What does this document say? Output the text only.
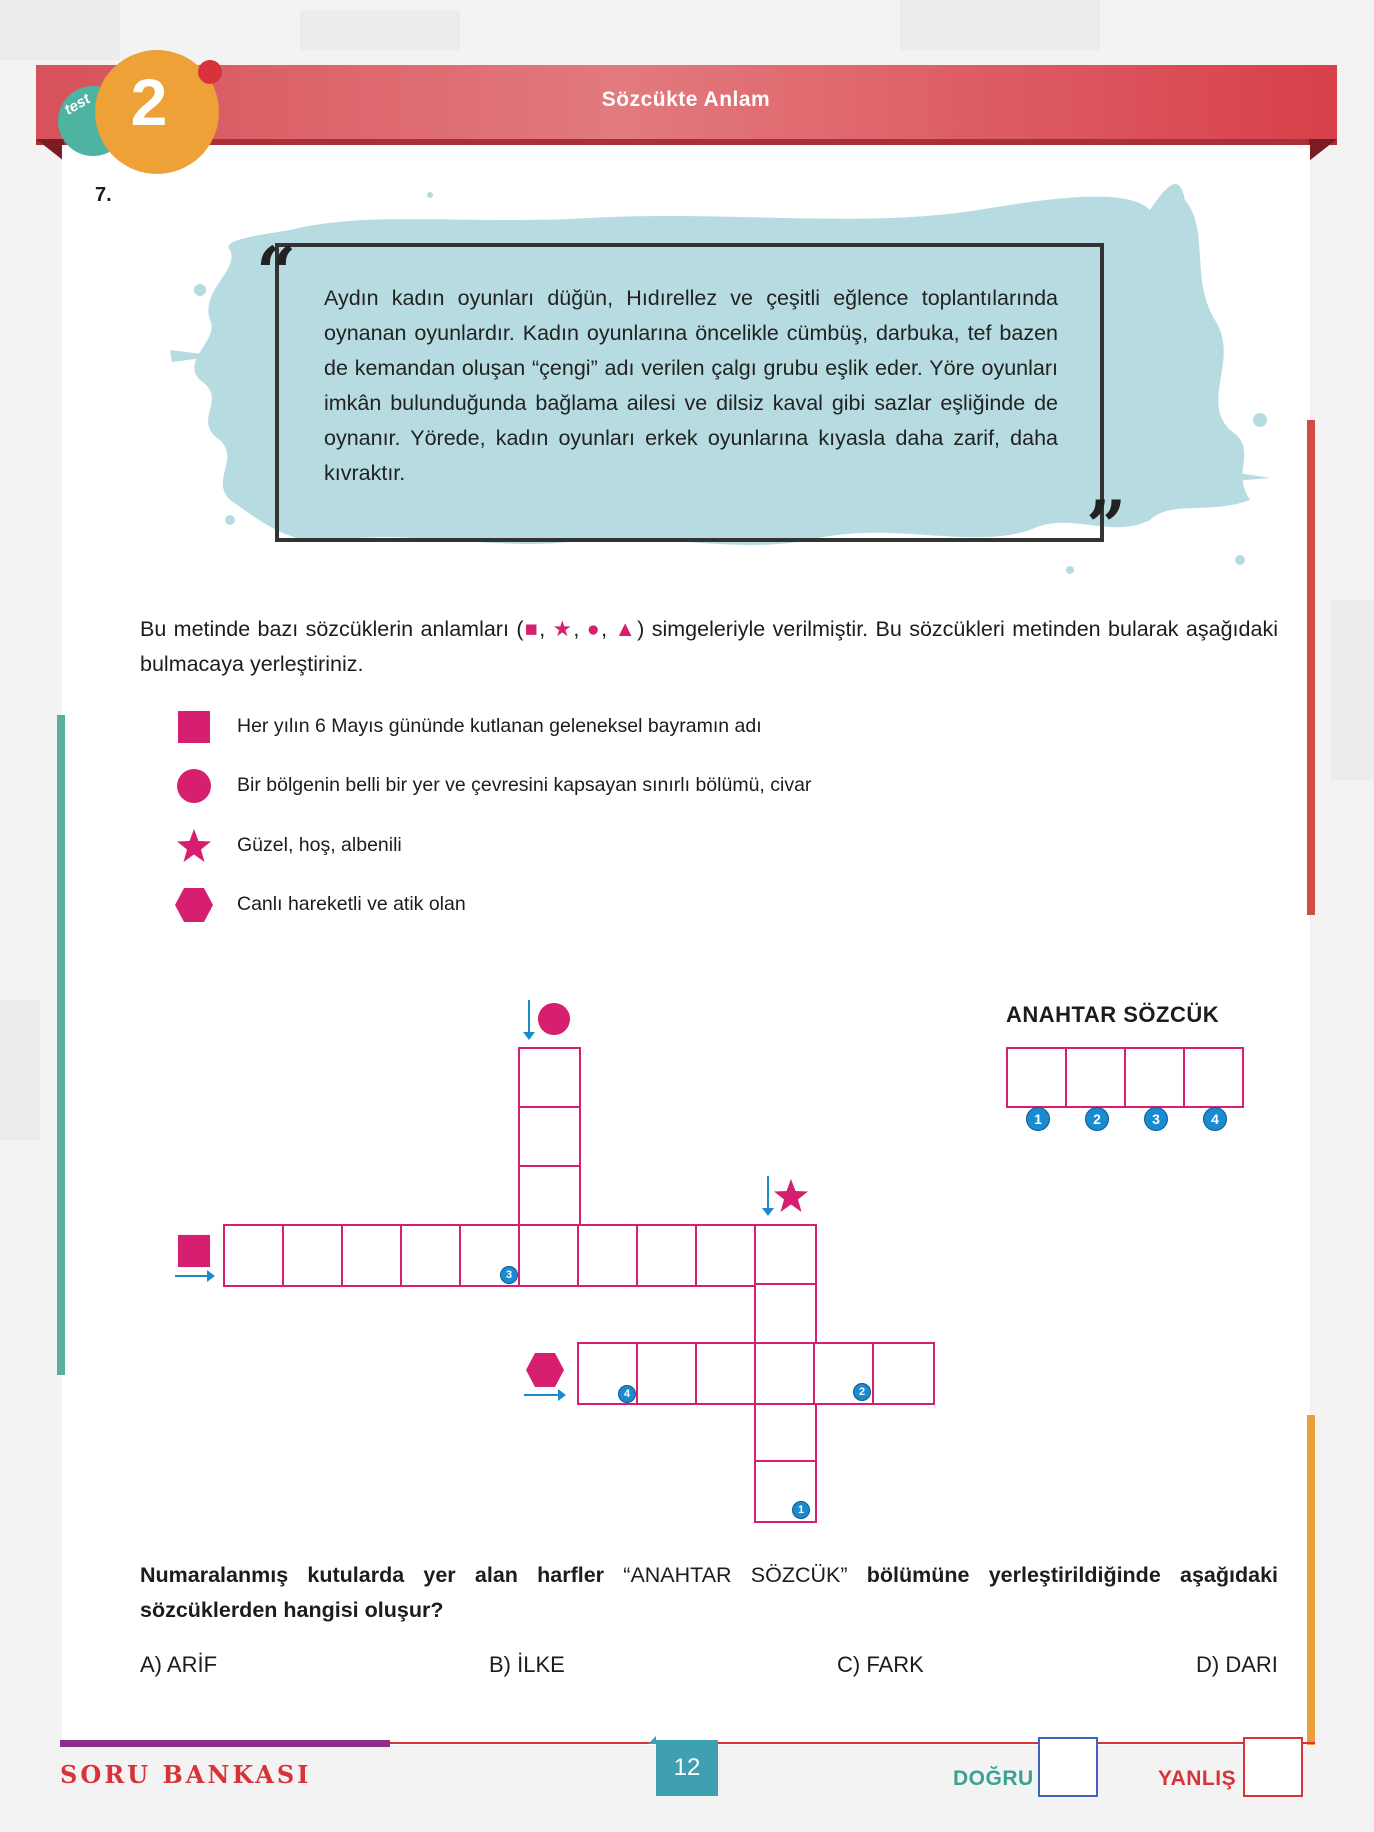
Sözcükte Anlam
test 2
7.
“
”
Aydın kadın oyunları düğün, Hıdırellez ve çeşitli eğlence toplantılarında oynanan oyunlardır. Kadın oyunlarına öncelikle cümbüş, darbuka, tef bazen de kemandan oluşan “çengi” adı verilen çalgı grubu eşlik eder. Yöre oyunları imkân bulunduğunda bağlama ailesi ve dilsiz kaval gibi sazlar eşliğinde de oynanır. Yörede, kadın oyunları erkek oyunlarına kıyasla daha zarif, daha kıvraktır.
Bu metinde bazı sözcüklerin anlamları (■, ★, ●, ▲) simgeleriyle verilmiştir. Bu sözcükleri metinden bularak aşağıdaki bulmacaya yerleştiriniz.
Her yılın 6 Mayıs gününde kutlanan geleneksel bayramın adı
Bir bölgenin belli bir yer ve çevresini kapsayan sınırlı bölümü, civar
Güzel, hoş, albenili
Canlı hareketli ve atik olan
3
1
4	2
ANAHTAR SÖZCÜK
1	2	3	4
Numaralanmış kutularda yer alan harfler “ANAHTAR SÖZCÜK” bölümüne yerleştirildiğinde aşağıdaki sözcüklerden hangisi oluşur?
A) ARİF	B) İLKE	C) FARK	D) DARI
SORU BANKASI	12	DOĞRU	YANLIŞ
